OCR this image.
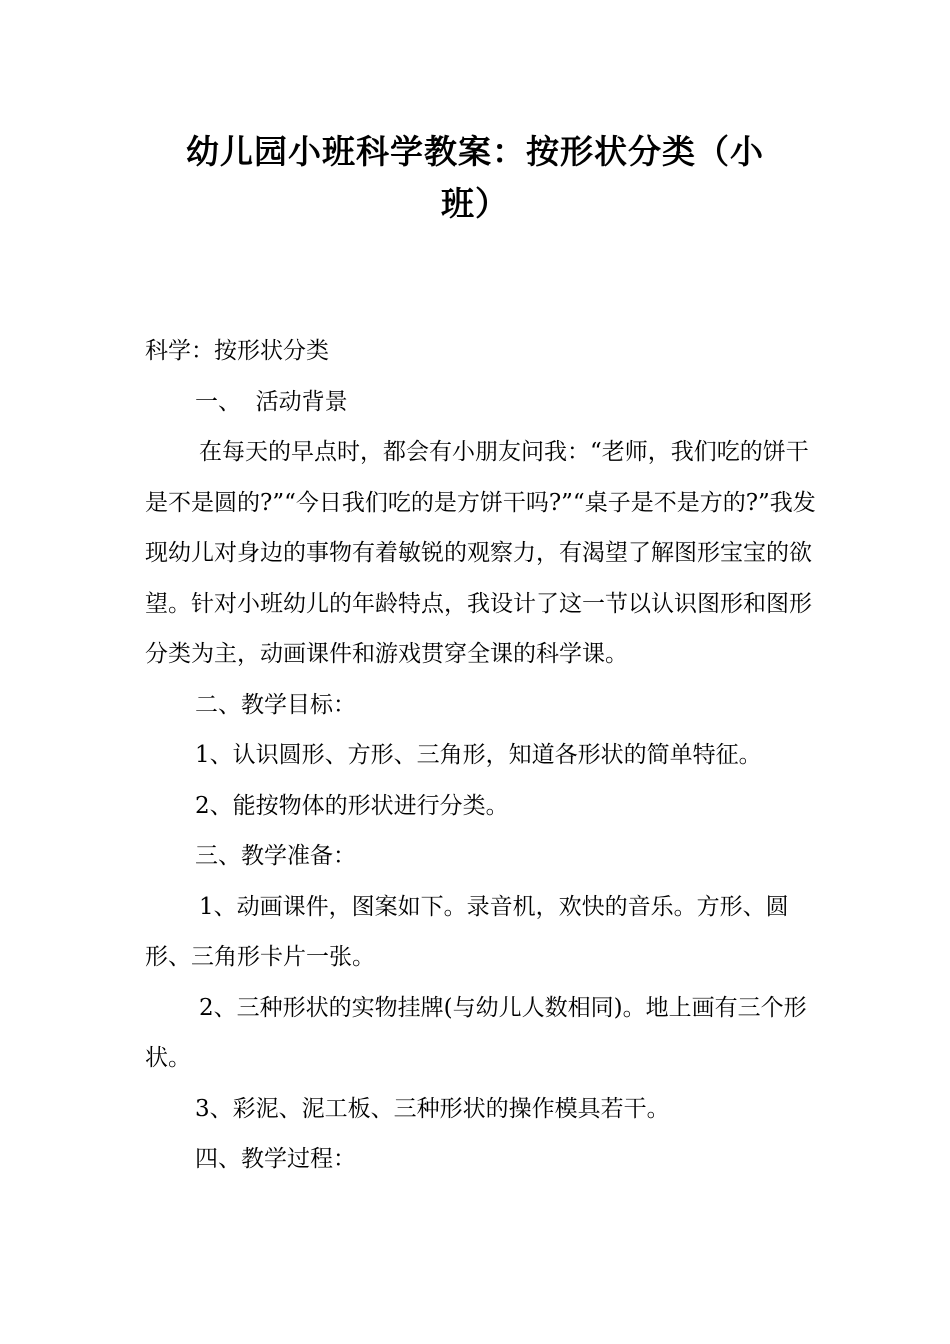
幼儿园小班科学教案：按形状分类（小
班）

科学：按形状分类

一、  活动背景

在每天的早点时，都会有小朋友问我：“老师，我们吃的饼干是不是圆的?”“今日我们吃的是方饼干吗?”“桌子是不是方的?”我发现幼儿对身边的事物有着敏锐的观察力，有渴望了解图形宝宝的欲望。针对小班幼儿的年龄特点，我设计了这一节以认识图形和图形分类为主，动画课件和游戏贯穿全课的科学课。

二、教学目标：

1、认识圆形、方形、三角形，知道各形状的简单特征。

2、能按物体的形状进行分类。

三、教学准备：

1、动画课件，图案如下。录音机，欢快的音乐。方形、圆形、三角形卡片一张。

2、三种形状的实物挂牌(与幼儿人数相同)。地上画有三个形状。

3、彩泥、泥工板、三种形状的操作模具若干。

四、教学过程：
